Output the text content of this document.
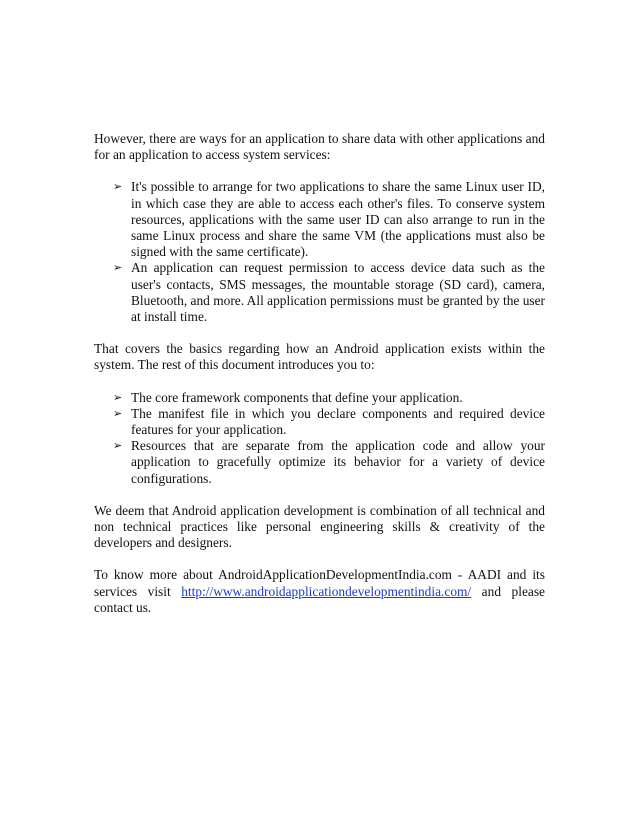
However, there are ways for an application to share data with other applications and for an application to access system services:

➢ It's possible to arrange for two applications to share the same Linux user ID, in which case they are able to access each other's files. To conserve system resources, applications with the same user ID can also arrange to run in the same Linux process and share the same VM (the applications must also be signed with the same certificate).
➢ An application can request permission to access device data such as the user's contacts, SMS messages, the mountable storage (SD card), camera, Bluetooth, and more. All application permissions must be granted by the user at install time.

That covers the basics regarding how an Android application exists within the system. The rest of this document introduces you to:

➢ The core framework components that define your application.
➢ The manifest file in which you declare components and required device features for your application.
➢ Resources that are separate from the application code and allow your application to gracefully optimize its behavior for a variety of device configurations.

We deem that Android application development is combination of all technical and non technical practices like personal engineering skills & creativity of the developers and designers.

To know more about AndroidApplicationDevelopmentIndia.com - AADI and its services visit http://www.androidapplicationdevelopmentindia.com/ and please contact us.
